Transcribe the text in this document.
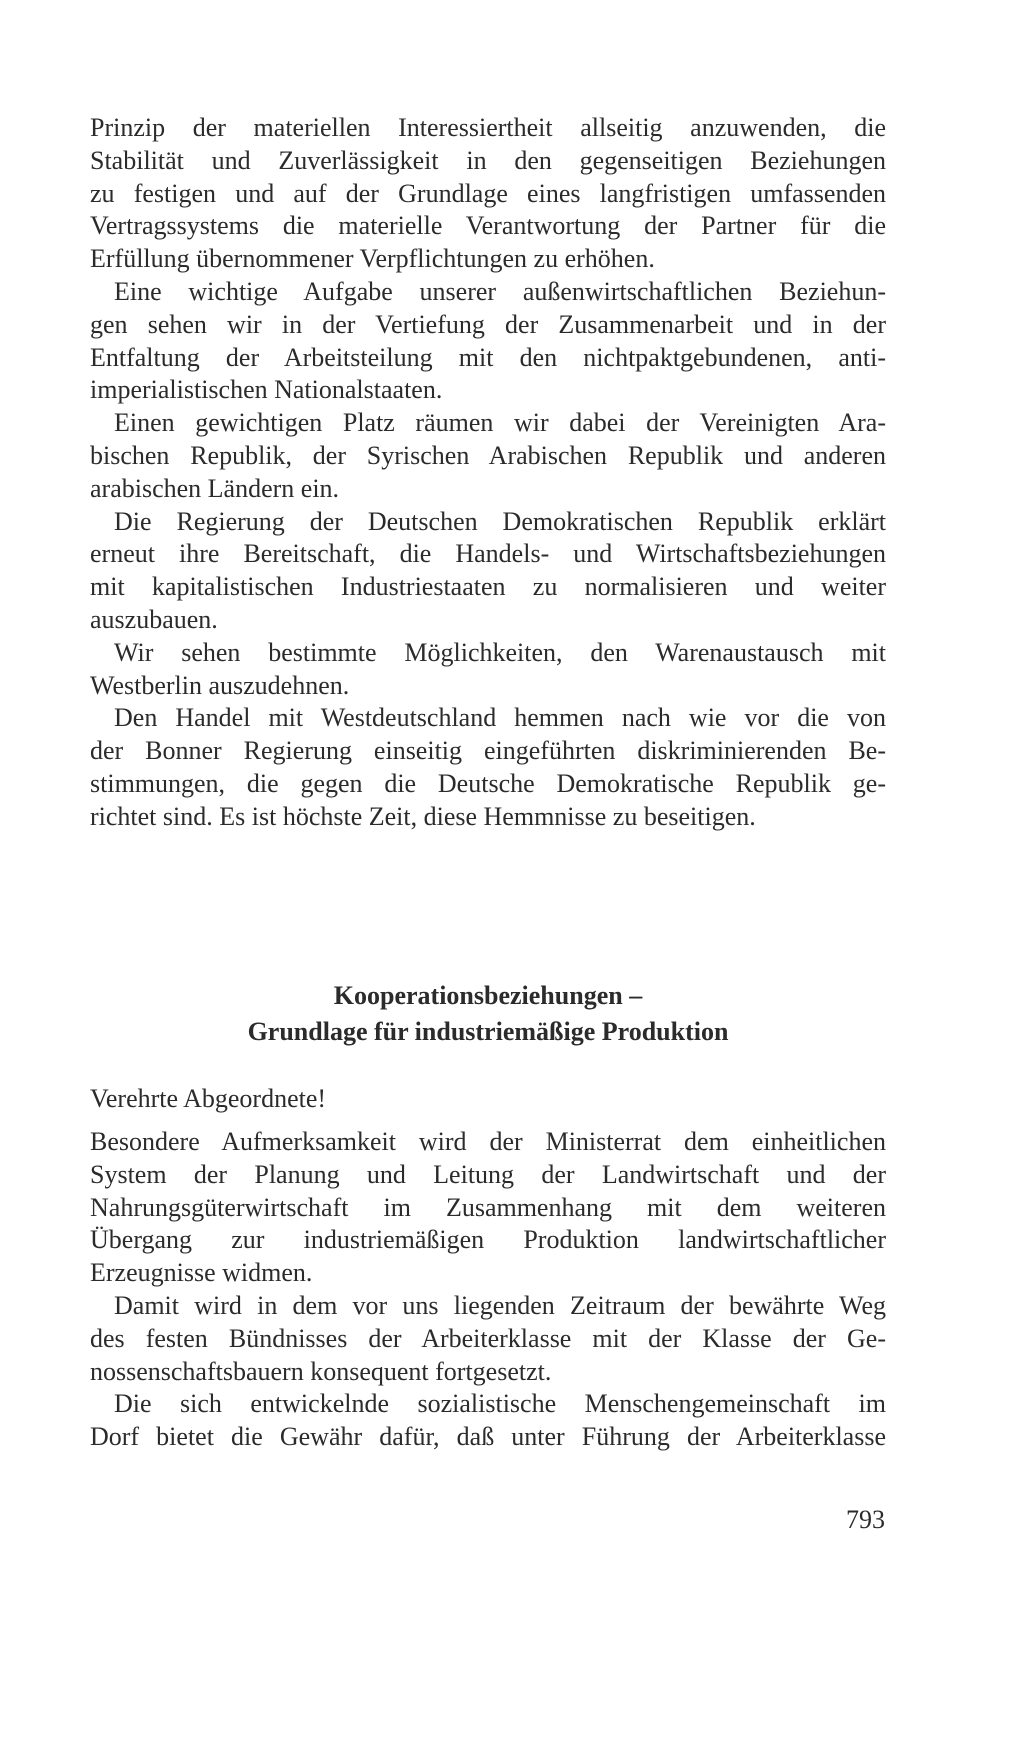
Prinzip der materiellen Interessiertheit allseitig anzuwenden, die
Stabilität und Zuverlässigkeit in den gegenseitigen Beziehungen
zu festigen und auf der Grundlage eines langfristigen umfassenden
Vertragssystems die materielle Verantwortung der Partner für die
Erfüllung übernommener Verpflichtungen zu erhöhen.
Eine wichtige Aufgabe unserer außenwirtschaftlichen Beziehun-
gen sehen wir in der Vertiefung der Zusammenarbeit und in der
Entfaltung der Arbeitsteilung mit den nichtpaktgebundenen, anti-
imperialistischen Nationalstaaten.
Einen gewichtigen Platz räumen wir dabei der Vereinigten Ara-
bischen Republik, der Syrischen Arabischen Republik und anderen
arabischen Ländern ein.
Die Regierung der Deutschen Demokratischen Republik erklärt
erneut ihre Bereitschaft, die Handels- und Wirtschaftsbeziehungen
mit kapitalistischen Industriestaaten zu normalisieren und weiter
auszubauen.
Wir sehen bestimmte Möglichkeiten, den Warenaustausch mit
Westberlin auszudehnen.
Den Handel mit Westdeutschland hemmen nach wie vor die von
der Bonner Regierung einseitig eingeführten diskriminierenden Be-
stimmungen, die gegen die Deutsche Demokratische Republik ge-
richtet sind. Es ist höchste Zeit, diese Hemmnisse zu beseitigen.
Kooperationsbeziehungen –
Grundlage für industriemäßige Produktion
Verehrte Abgeordnete!
Besondere Aufmerksamkeit wird der Ministerrat dem einheitlichen
System der Planung und Leitung der Landwirtschaft und der
Nahrungsgüterwirtschaft im Zusammenhang mit dem weiteren
Übergang zur industriemäßigen Produktion landwirtschaftlicher
Erzeugnisse widmen.
Damit wird in dem vor uns liegenden Zeitraum der bewährte Weg
des festen Bündnisses der Arbeiterklasse mit der Klasse der Ge-
nossenschaftsbauern konsequent fortgesetzt.
Die sich entwickelnde sozialistische Menschengemeinschaft im
Dorf bietet die Gewähr dafür, daß unter Führung der Arbeiterklasse
793
